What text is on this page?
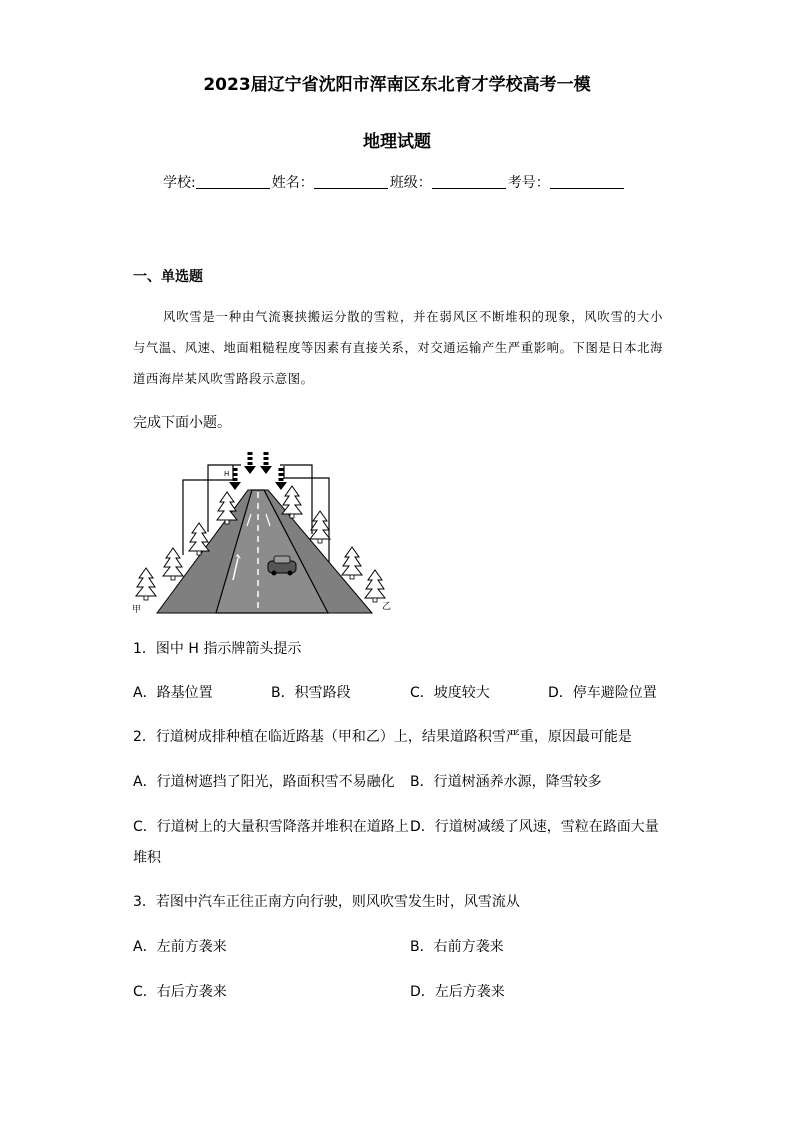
2023届辽宁省沈阳市浑南区东北育才学校高考一模
地理试题
学校:	姓名：	班级：	考号：
一、单选题
风吹雪是一种由气流裹挟搬运分散的雪粒，并在弱风区不断堆积的现象，风吹雪的大小与气温、风速、地面粗糙程度等因素有直接关系，对交通运输产生严重影响。下图是日本北海道西海岸某风吹雪路段示意图。
完成下面小题。
甲	乙
H
1．图中 H 指示牌箭头提示
A．路基位置	B．积雪路段	C．坡度较大	D．停车避险位置
2．行道树成排种植在临近路基（甲和乙）上，结果道路积雪严重，原因最可能是
A．行道树遮挡了阳光，路面积雪不易融化 B．行道树涵养水源，降雪较多
C．行道树上的大量积雪降落并堆积在道路上 D．行道树减缓了风速，雪粒在路面大量
堆积
3．若图中汽车正往正南方向行驶，则风吹雪发生时，风雪流从
A．左前方袭来	B．右前方袭来
C．右后方袭来	D．左后方袭来
